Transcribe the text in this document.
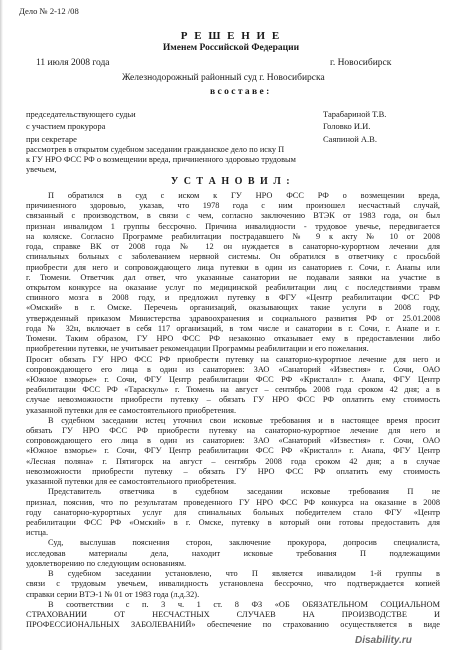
Дело № 2-12 /08
Р Е Ш Е Н И Е
Именем Российской Федерации
11 июля 2008 года	г. Новосибирск
Железнодорожный районный суд г. Новосибирска
в с о с т а в е :
председательствующего судьи	Тарабариной Т.В.
с участием прокурора	Головко И.И.
при секретаре	Саяпиной А.В.
рассмотрев в открытом судебном заседании гражданское дело по иску П
к ГУ НРО ФСС РФ о возмещении вреда, причиненного здоровью трудовым
увечьем,
У С Т А Н О В И Л :
П обратился в суд с иском к ГУ НРО ФСС РФ о возмещении вреда,
причиненного здоровью, указав, что 1978 года с ним произошел несчастный случай,
связанный с производством, в связи с чем, согласно заключению ВТЭК от 1983 года, он был
признан инвалидом 1 группы бессрочно. Причина инвалидности - трудовое увечье, передвигается
на коляске. Согласно Программе реабилитации пострадавшего № 9 к акту № 10 от 2008
года, справке ВК от 2008 года № 12 он нуждается в санаторно-курортном лечении для
спинальных больных с заболеванием нервной системы. Он обратился в ответчику с просьбой
приобрести для него и сопровождающего лица путевки в один из санаториев г. Сочи, г. Анапы или
г. Тюмени. Ответчик дал ответ, что указанные санатории не подавали заявки на участие в
открытом конкурсе на оказание услуг по медицинской реабилитации лиц с последствиями травм
спинного мозга в 2008 году, и предложил путевку в ФГУ «Центр реабилитации ФСС РФ
«Омский» в г. Омске. Перечень организаций, оказывающих такие услуги в 2008 году,
утвержденный приказом Министерства здравоохранения и социального развития РФ от 25.01.2008
года № 32н, включает в себя 117 организаций, в том числе и санатории в г. Сочи, г. Анапе и г.
Тюмени. Таким образом, ГУ НРО ФСС РФ незаконно отказывает ему в предоставлении либо
приобретении путевки, не учитывает рекомендации Программы реабилитации и его пожелания.
Просит обязать ГУ НРО ФСС РФ приобрести путевку на санаторно-курортное лечение для него и
сопровождающего его лица в один из санаториев: ЗАО «Санаторий «Известия» г. Сочи, ОАО
«Южное взморье» г. Сочи, ФГУ Центр реабилитации ФСС РФ «Кристалл» г. Анапа, ФГУ Центр
реабилитации ФСС РФ «Тараскуль» г. Тюмень на август – сентябрь 2008 года сроком 42 дня; а в
случае невозможности приобрести путевку – обязать ГУ НРО ФСС РФ оплатить ему стоимость
указанной путевки для ее самостоятельного приобретения.
В судебном заседании истец уточнил свои исковые требования и в настоящее время просит
обязать ГУ НРО ФСС РФ приобрести путевку на санаторно-курортное лечение для него и
сопровождающего его лица в один из санаториев: ЗАО «Санаторий «Известия» г. Сочи, ОАО
«Южное взморье» г. Сочи, ФГУ Центр реабилитации ФСС РФ «Кристалл» г. Анапа, ФГУ Центр
«Лесная поляна» г. Пятигорск на август – сентябрь 2008 года сроком 42 дня; а в случае
невозможности приобрести путевку – обязать ГУ НРО ФСС РФ оплатить ему стоимость
указанной путевки для ее самостоятельного приобретения.
Представитель ответчика в судебном заседании исковые требования П не
признал, пояснив, что по результатам проведенного ГУ НРО ФСС РФ конкурса на оказание в 2008
году санаторно-курортных услуг для спинальных больных победителем стало ФГУ «Центр
реабилитации ФСС РФ «Омский» в г. Омске, путевку в который они готовы предоставить для
истца.
Суд, выслушав пояснения сторон, заключение прокурора, допросив специалиста,
исследовав материалы дела, находит исковые требования П подлежащими
удовлетворению по следующим основаниям.
В судебном заседании установлено, что П является инвалидом 1-й группы в
связи с трудовым увечьем, инвалидность установлена бессрочно, что подтверждается копией
справки серии ВТЭ-1 № 01 от 1983 года (л.д.32).
В соответствии с п. 3 ч. 1 ст. 8 ФЗ «ОБ ОБЯЗАТЕЛЬНОМ СОЦИАЛЬНОМ
СТРАХОВАНИИ ОТ НЕСЧАСТНЫХ СЛУЧАЕВ НА ПРОИЗВОДСТВЕ И
ПРОФЕССИОНАЛЬНЫХ ЗАБОЛЕВАНИЙ» обеспечение по страхованию осуществляется в виде
Disability.ru
